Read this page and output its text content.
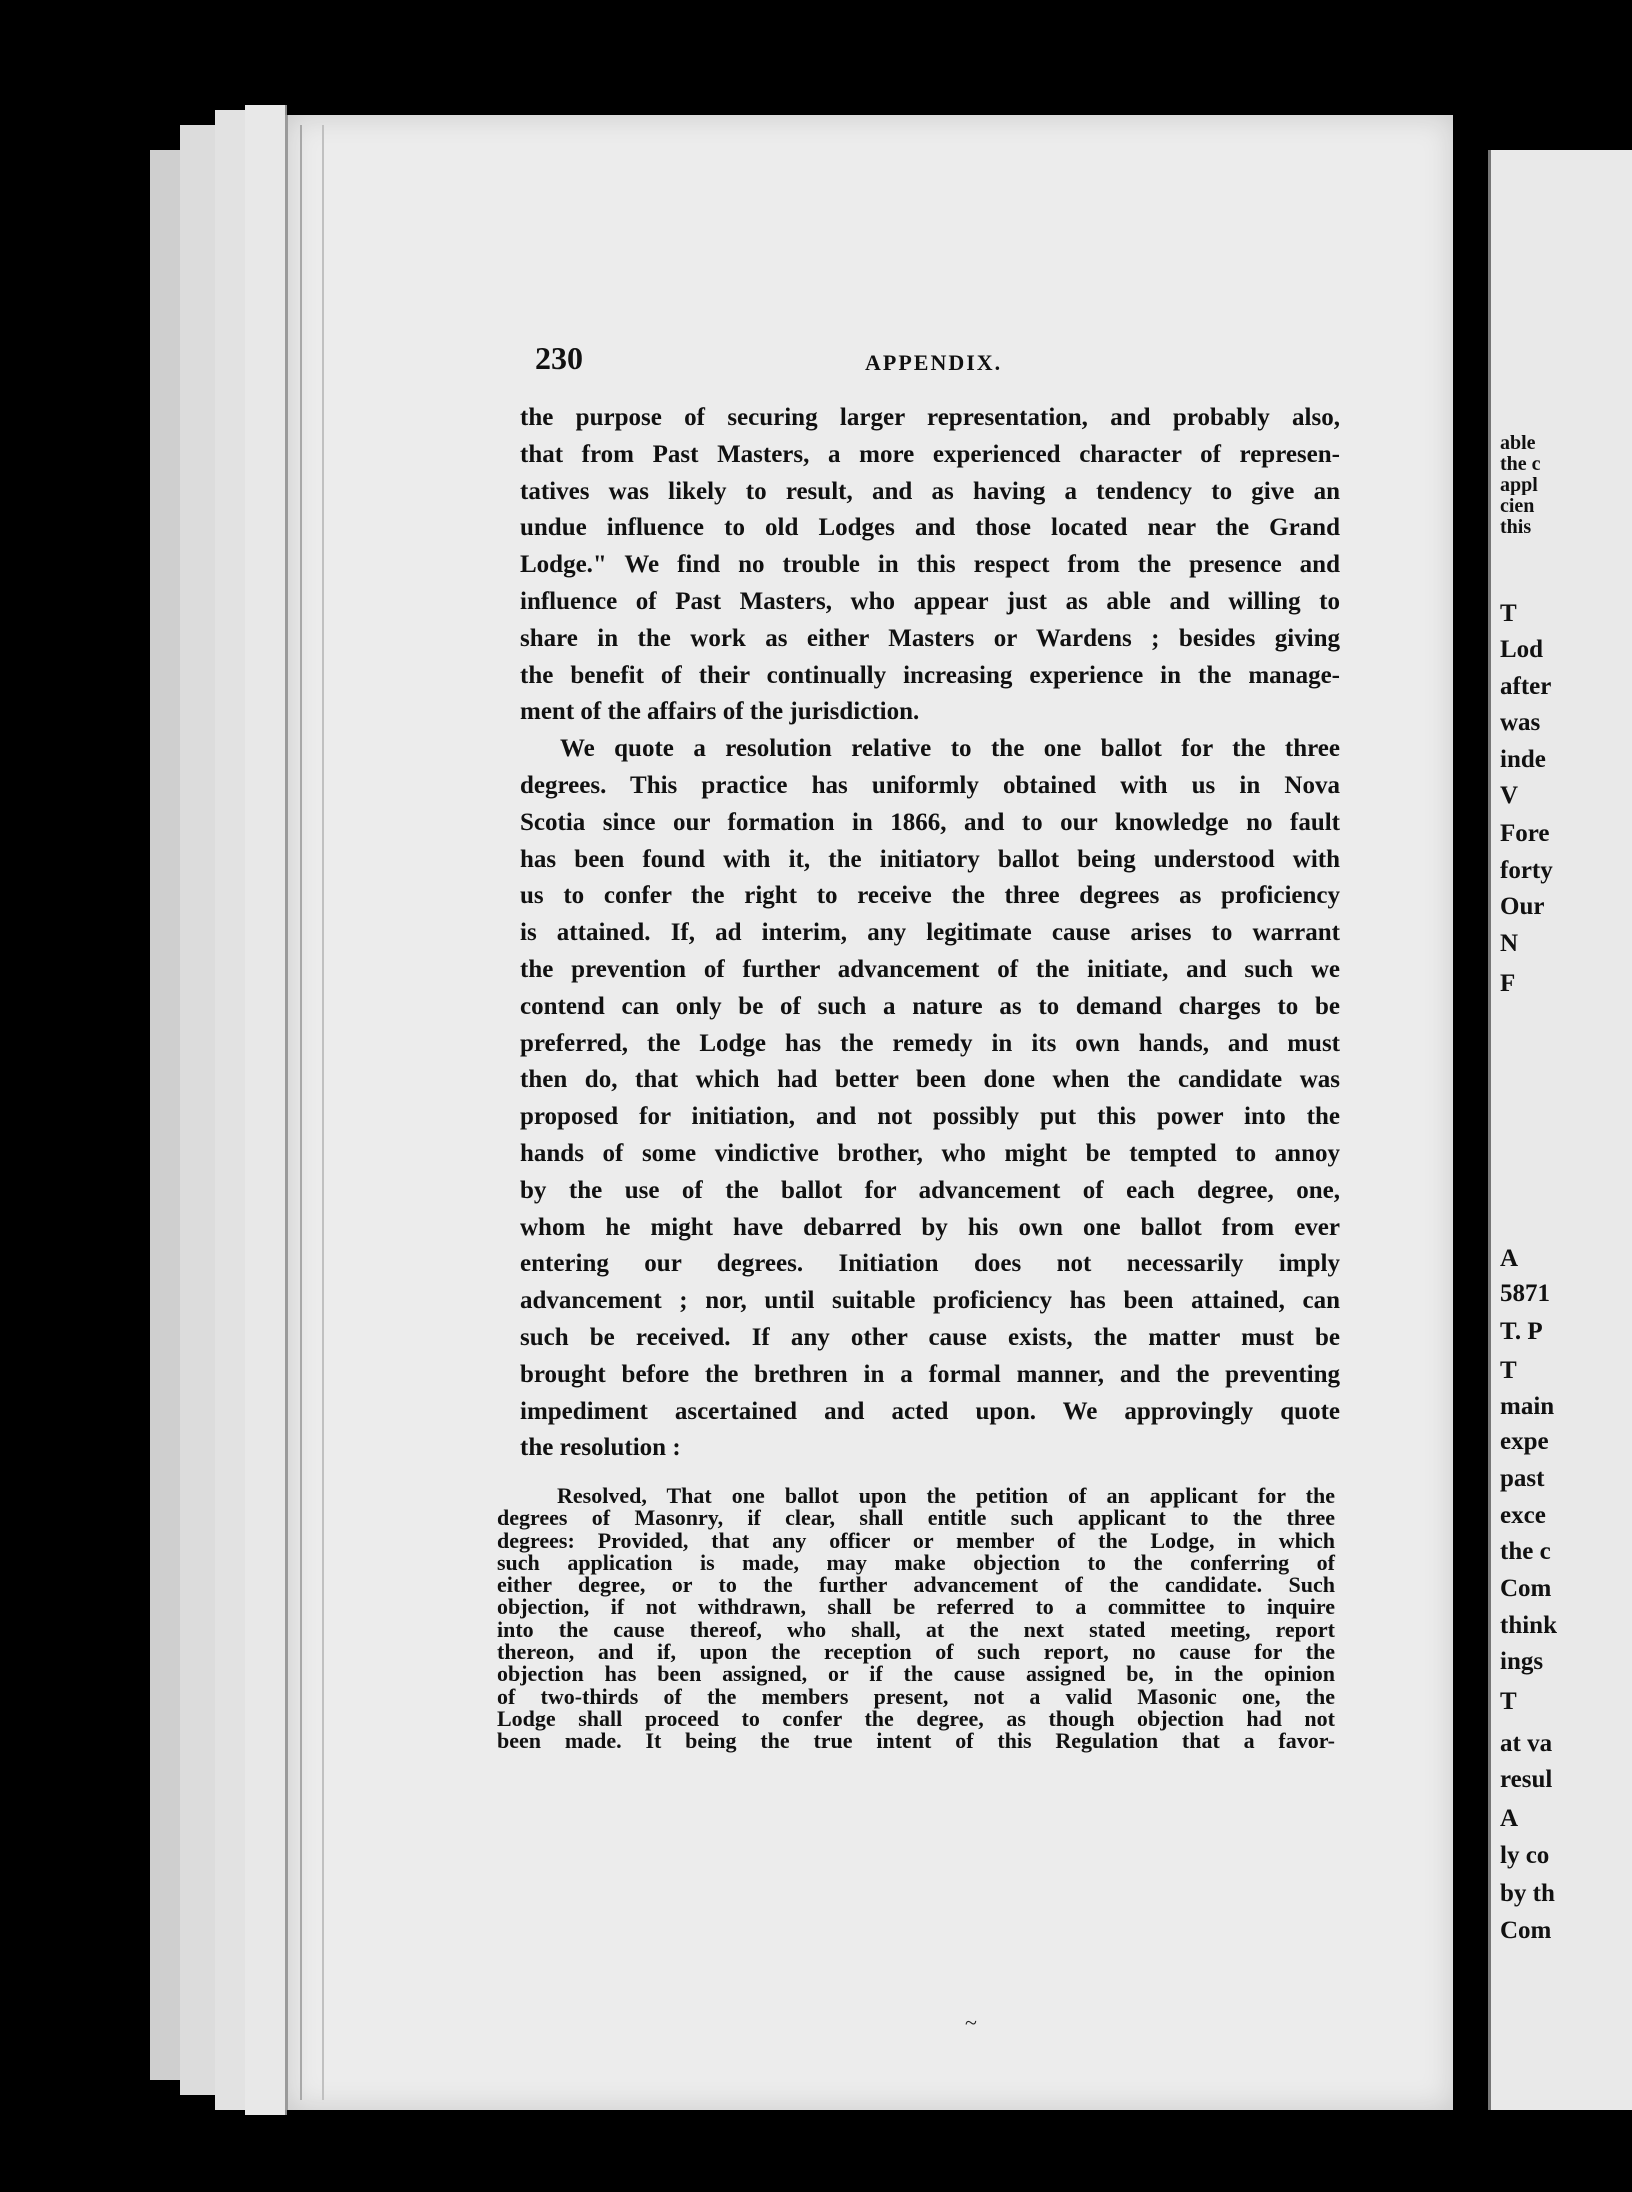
able
the c
appl
cien
this
T
Lod
after
was
inde
V
Fore
forty
Our
N
F
A
5871
T. P
T
main
expe
past
exce
the c
Com
think
ings
T
at va
resul
A
ly co
by th
Com
230	APPENDIX.
the purpose of securing larger representation, and probably also,
that from Past Masters, a more experienced character of represen-
tatives was likely to result, and as having a tendency to give an
undue influence to old Lodges and those located near the Grand
Lodge." We find no trouble in this respect from the presence and
influence of Past Masters, who appear just as able and willing to
share in the work as either Masters or Wardens ; besides giving
the benefit of their continually increasing experience in the manage-
ment of the affairs of the jurisdiction.
We quote a resolution relative to the one ballot for the three
degrees. This practice has uniformly obtained with us in Nova
Scotia since our formation in 1866, and to our knowledge no fault
has been found with it, the initiatory ballot being understood with
us to confer the right to receive the three degrees as proficiency
is attained. If, ad interim, any legitimate cause arises to warrant
the prevention of further advancement of the initiate, and such we
contend can only be of such a nature as to demand charges to be
preferred, the Lodge has the remedy in its own hands, and must
then do, that which had better been done when the candidate was
proposed for initiation, and not possibly put this power into the
hands of some vindictive brother, who might be tempted to annoy
by the use of the ballot for advancement of each degree, one,
whom he might have debarred by his own one ballot from ever
entering our degrees. Initiation does not necessarily imply
advancement ; nor, until suitable proficiency has been attained, can
such be received. If any other cause exists, the matter must be
brought before the brethren in a formal manner, and the preventing
impediment ascertained and acted upon. We approvingly quote
the resolution :
Resolved, That one ballot upon the petition of an applicant for the
degrees of Masonry, if clear, shall entitle such applicant to the three
degrees: Provided, that any officer or member of the Lodge, in which
such application is made, may make objection to the conferring of
either degree, or to the further advancement of the candidate. Such
objection, if not withdrawn, shall be referred to a committee to inquire
into the cause thereof, who shall, at the next stated meeting, report
thereon, and if, upon the reception of such report, no cause for the
objection has been assigned, or if the cause assigned be, in the opinion
of two-thirds of the members present, not a valid Masonic one, the
Lodge shall proceed to confer the degree, as though objection had not
been made. It being the true intent of this Regulation that a favor-
~
